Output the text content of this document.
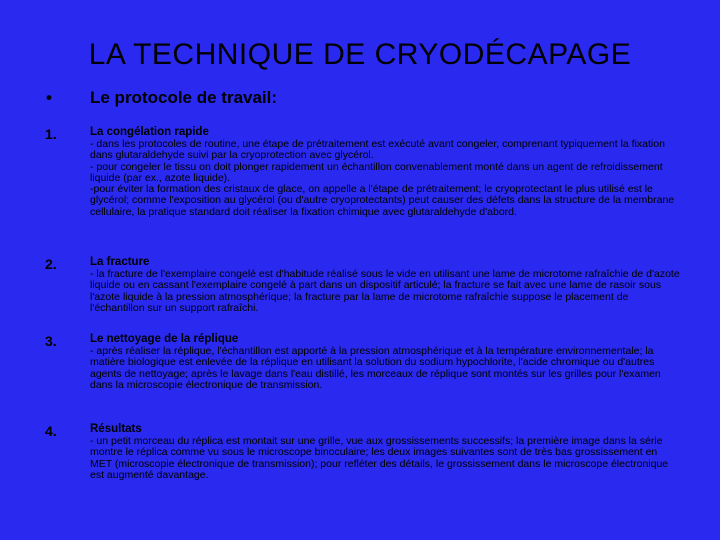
LA TECHNIQUE DE CRYODÉCAPAGE
• Le protocole de travail:
1.	La congélation rapide
- dans les protocoles de routine, une étape de prétraitement est exécuté avant congeler, comprenant typiquement la fixation dans glutaraldehyde suivi par la cryoprotection avec glycérol.
- pour congeler le tissu on doit plonger rapidement un échantillon convenablement monté dans un agent de refroidissement liquide (par ex., azote liquide).
-pour éviter la formation des cristaux de glace, on appelle a l'étape de prétraitement; le cryoprotectant le plus utilisé est le glycérol; comme l'exposition au glycérol (ou d'autre cryoprotectants) peut causer des défets dans la structure de la membrane cellulaire, la pratique standard doit réaliser la fixation chimique avec glutaraldehyde d'abord.
2.	La fracture
- la fracture de l'exemplaire congelé est d'habitude réalisé sous le vide en utilisant une lame de microtome rafraîchie de d'azote liquide ou en cassant l'exemplaire congelé à part dans un dispositif articulé; la fracture se fait avec une lame de rasoir sous l'azote liquide à la pression atmosphérique; la fracture par la lame de microtome rafraîchie suppose le placement de l'échantillon sur un support rafraîchi.
3.	Le nettoyage de la réplique
- après réaliser la réplique, l'échantillon est apporté à la pression atmosphérique et à la température environnementale; la matière biologique est enlevée de la réplique en utilisant la solution du sodium hypochlorite, l'acide chromique ou d'autres agents de nettoyage; après le lavage dans l'eau distillé, les morceaux de réplique sont montés sur les grilles pour l'examen dans la microscopie électronique de transmission.
4.	Résultats
- un petit morceau du réplica est montait sur une grille, vue aux grossissements successifs; la première image dans la série montre le réplica comme vu sous le microscope binoculaire; les deux images suivantes sont de très bas grossissement en MET (microscopie électronique de transmission); pour refléter des détails, le grossissement dans le microscope électronique est augmenté davantage.
